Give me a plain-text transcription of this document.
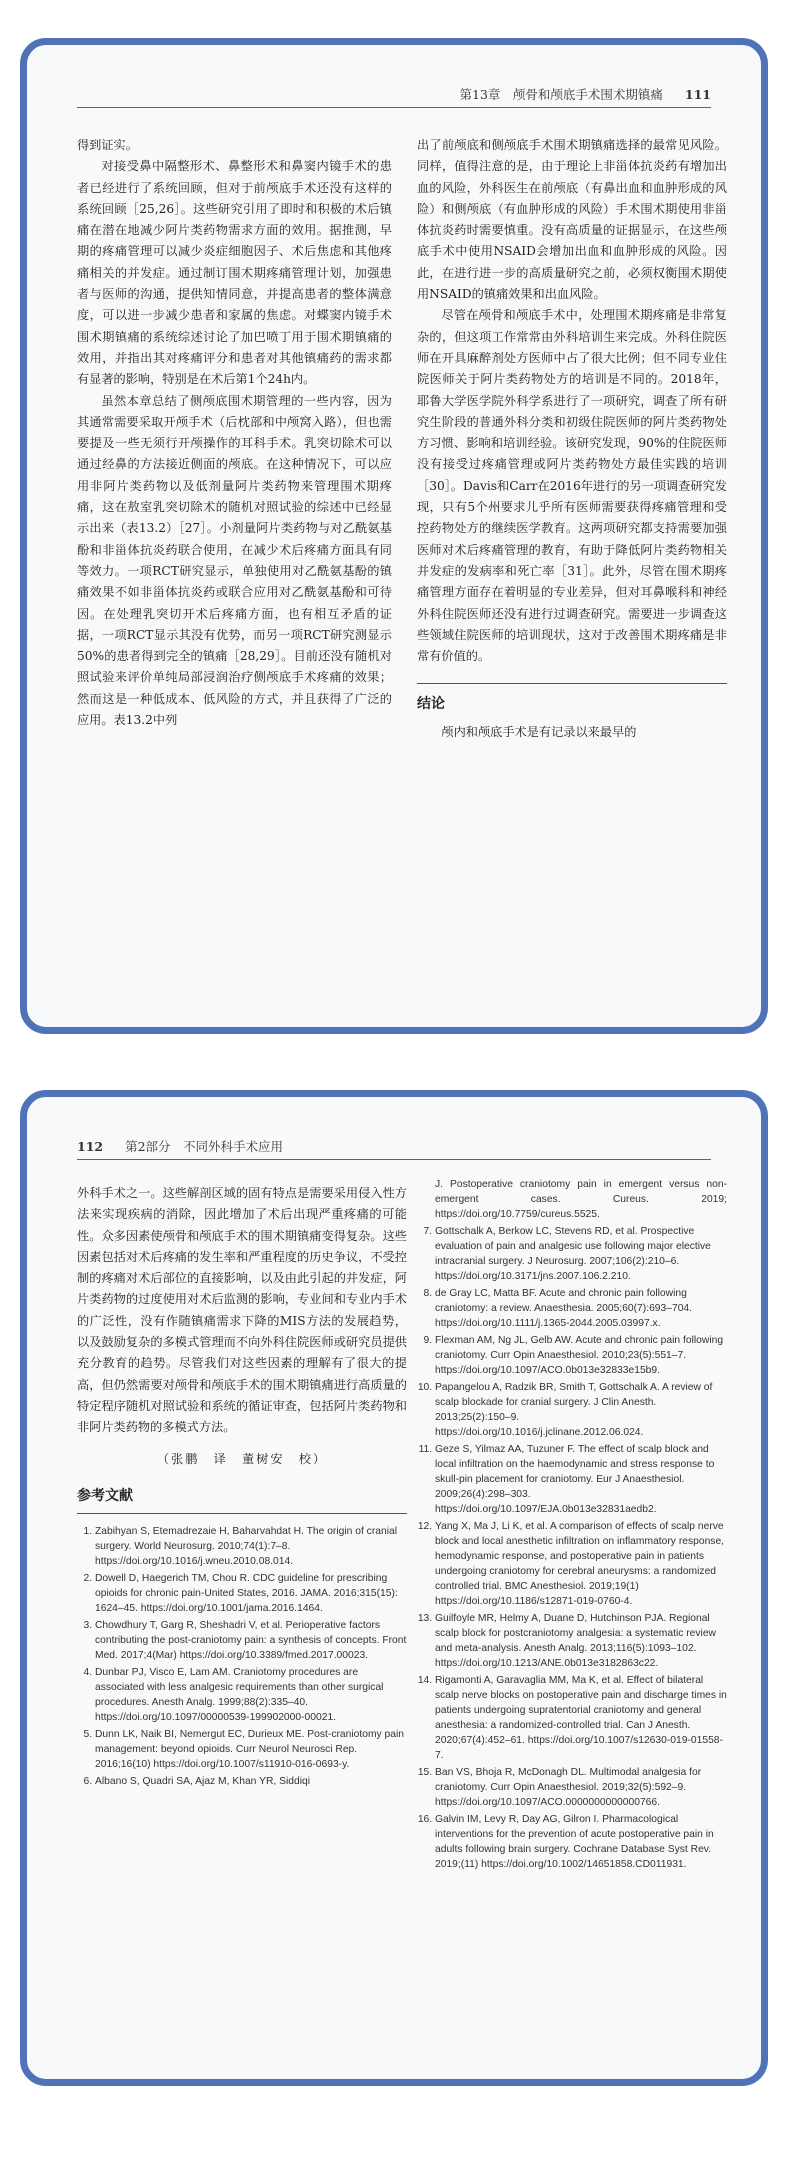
第13章　颅骨和颅底手术围术期镇痛 111

得到证实。

对接受鼻中隔整形术、鼻整形术和鼻窦内镜手术的患者已经进行了系统回顾，但对于前颅底手术还没有这样的系统回顾［25,26］。这些研究引用了即时和积极的术后镇痛在潜在地减少阿片类药物需求方面的效用。据推测，早期的疼痛管理可以减少炎症细胞因子、术后焦虑和其他疼痛相关的并发症。通过制订围术期疼痛管理计划，加强患者与医师的沟通，提供知情同意，并提高患者的整体满意度，可以进一步减少患者和家属的焦虑。对蝶窦内镜手术围术期镇痛的系统综述讨论了加巴喷丁用于围术期镇痛的效用，并指出其对疼痛评分和患者对其他镇痛药的需求都有显著的影响，特别是在术后第1个24h内。

虽然本章总结了侧颅底围术期管理的一些内容，因为其通常需要采取开颅手术（后枕部和中颅窝入路），但也需要提及一些无须行开颅操作的耳科手术。乳突切除术可以通过经鼻的方法接近侧面的颅底。在这种情况下，可以应用非阿片类药物以及低剂量阿片类药物来管理围术期疼痛，这在敖室乳突切除术的随机对照试验的综述中已经显示出来（表13.2）［27］。小剂量阿片类药物与对乙酰氨基酚和非甾体抗炎药联合使用，在减少术后疼痛方面具有同等效力。一项RCT研究显示，单独使用对乙酰氨基酚的镇痛效果不如非甾体抗炎药或联合应用对乙酰氨基酚和可待因。在处理乳突切开术后疼痛方面，也有相互矛盾的证据，一项RCT显示其没有优势，而另一项RCT研究测显示50%的患者得到完全的镇痛［28,29］。目前还没有随机对照试验来评价单纯局部浸润治疗侧颅底手术疼痛的效果；然而这是一种低成本、低风险的方式，并且获得了广泛的应用。表13.2中列

出了前颅底和侧颅底手术围术期镇痛选择的最常见风险。同样，值得注意的是，由于理论上非甾体抗炎药有增加出血的风险，外科医生在前颅底（有鼻出血和血肿形成的风险）和侧颅底（有血肿形成的风险）手术围术期使用非甾体抗炎药时需要慎重。没有高质量的证据显示，在这些颅底手术中使用NSAID会增加出血和血肿形成的风险。因此，在进行进一步的高质量研究之前，必须权衡围术期使用NSAID的镇痛效果和出血风险。

尽管在颅骨和颅底手术中，处理围术期疼痛是非常复杂的，但这项工作常常由外科培训生来完成。外科住院医师在开具麻醉剂处方医师中占了很大比例；但不同专业住院医师关于阿片类药物处方的培训是不同的。2018年，耶鲁大学医学院外科学系进行了一项研究，调查了所有研究生阶段的普通外科分类和初级住院医师的阿片类药物处方习惯、影响和培训经验。该研究发现，90%的住院医师没有接受过疼痛管理或阿片类药物处方最佳实践的培训［30］。Davis和Carr在2016年进行的另一项调查研究发现，只有5个州要求儿乎所有医师需要获得疼痛管理和受控药物处方的继续医学教育。这两项研究都支持需要加强医师对术后疼痛管理的教育，有助于降低阿片类药物相关并发症的发病率和死亡率［31］。此外，尽管在围术期疼痛管理方面存在着明显的专业差异，但对耳鼻喉科和神经外科住院医师还没有进行过调查研究。需要进一步调查这些领域住院医师的培训现状，这对于改善围术期疼痛是非常有价值的。

结论

颅内和颅底手术是有记录以来最早的

112 第2部分　不同外科手术应用

外科手术之一。这些解剖区域的固有特点是需要采用侵入性方法来实现疾病的消除，因此增加了术后出现严重疼痛的可能性。众多因素使颅骨和颅底手术的围术期镇痛变得复杂。这些因素包括对术后疼痛的发生率和严重程度的历史争议，不受控制的疼痛对术后部位的直接影响，以及由此引起的并发症，阿片类药物的过度使用对术后监测的影响，专业间和专业内手术的广泛性，没有作随镇痛需求下降的MIS方法的发展趋势，以及鼓励复杂的多模式管理而不向外科住院医师或研究员提供充分教育的趋势。尽管我们对这些因素的理解有了很大的提高，但仍然需要对颅骨和颅底手术的围术期镇痛进行高质量的特定程序随机对照试验和系统的循证审查，包括阿片类药物和非阿片类药物的多模式方法。

（张鹏　译　董树安　校）

参考文献
1. Zabihyan S, Etemadrezaie H, Baharvahdat H. The origin of cranial surgery. World Neurosurg. 2010;74(1):7–8. https://doi.org/10.1016/j.wneu.2010.08.014.
2. Dowell D, Haegerich TM, Chou R. CDC guideline for prescribing opioids for chronic pain-United States, 2016. JAMA. 2016;315(15): 1624–45. https://doi.org/10.1001/jama.2016.1464.
3. Chowdhury T, Garg R, Sheshadri V, et al. Perioperative factors contributing the post-craniotomy pain: a synthesis of concepts. Front Med. 2017;4(Mar) https://doi.org/10.3389/fmed.2017.00023.
4. Dunbar PJ, Visco E, Lam AM. Craniotomy procedures are associated with less analgesic requirements than other surgical procedures. Anesth Analg. 1999;88(2):335–40. https://doi.org/10.1097/00000539-199902000-00021.
5. Dunn LK, Naik BI, Nemergut EC, Durieux ME. Post-craniotomy pain management: beyond opioids. Curr Neurol Neurosci Rep. 2016;16(10) https://doi.org/10.1007/s11910-016-0693-y.
6. Albano S, Quadri SA, Ajaz M, Khan YR, Siddiqi
J. Postoperative craniotomy pain in emergent versus non-emergent cases. Cureus. 2019; https://doi.org/10.7759/cureus.5525.
7. Gottschalk A, Berkow LC, Stevens RD, et al. Prospective evaluation of pain and analgesic use following major elective intracranial surgery. J Neurosurg. 2007;106(2):210–6. https://doi.org/10.3171/jns.2007.106.2.210.
8. de Gray LC, Matta BF. Acute and chronic pain following craniotomy: a review. Anaesthesia. 2005;60(7):693–704. https://doi.org/10.1111/j.1365-2044.2005.03997.x.
9. Flexman AM, Ng JL, Gelb AW. Acute and chronic pain following craniotomy. Curr Opin Anaesthesiol. 2010;23(5):551–7. https://doi.org/10.1097/ACO.0b013e32833e15b9.
10. Papangelou A, Radzik BR, Smith T, Gottschalk A. A review of scalp blockade for cranial surgery. J Clin Anesth. 2013;25(2):150–9. https://doi.org/10.1016/j.jclinane.2012.06.024.
11. Geze S, Yilmaz AA, Tuzuner F. The effect of scalp block and local infiltration on the haemodynamic and stress response to skull-pin placement for craniotomy. Eur J Anaesthesiol. 2009;26(4):298–303. https://doi.org/10.1097/EJA.0b013e32831aedb2.
12. Yang X, Ma J, Li K, et al. A comparison of effects of scalp nerve block and local anesthetic infiltration on inflammatory response, hemodynamic response, and postoperative pain in patients undergoing craniotomy for cerebral aneurysms: a randomized controlled trial. BMC Anesthesiol. 2019;19(1) https://doi.org/10.1186/s12871-019-0760-4.
13. Guilfoyle MR, Helmy A, Duane D, Hutchinson PJA. Regional scalp block for postcraniotomy analgesia: a systematic review and meta-analysis. Anesth Analg. 2013;116(5):1093–102. https://doi.org/10.1213/ANE.0b013e3182863c22.
14. Rigamonti A, Garavaglia MM, Ma K, et al. Effect of bilateral scalp nerve blocks on postoperative pain and discharge times in patients undergoing supratentorial craniotomy and general anesthesia: a randomized-controlled trial. Can J Anesth. 2020;67(4):452–61. https://doi.org/10.1007/s12630-019-01558-7.
15. Ban VS, Bhoja R, McDonagh DL. Multimodal analgesia for craniotomy. Curr Opin Anaesthesiol. 2019;32(5):592–9. https://doi.org/10.1097/ACO.0000000000000766.
16. Galvin IM, Levy R, Day AG, Gilron I. Pharmacological interventions for the prevention of acute postoperative pain in adults following brain surgery. Cochrane Database Syst Rev. 2019;(11) https://doi.org/10.1002/14651858.CD011931.
